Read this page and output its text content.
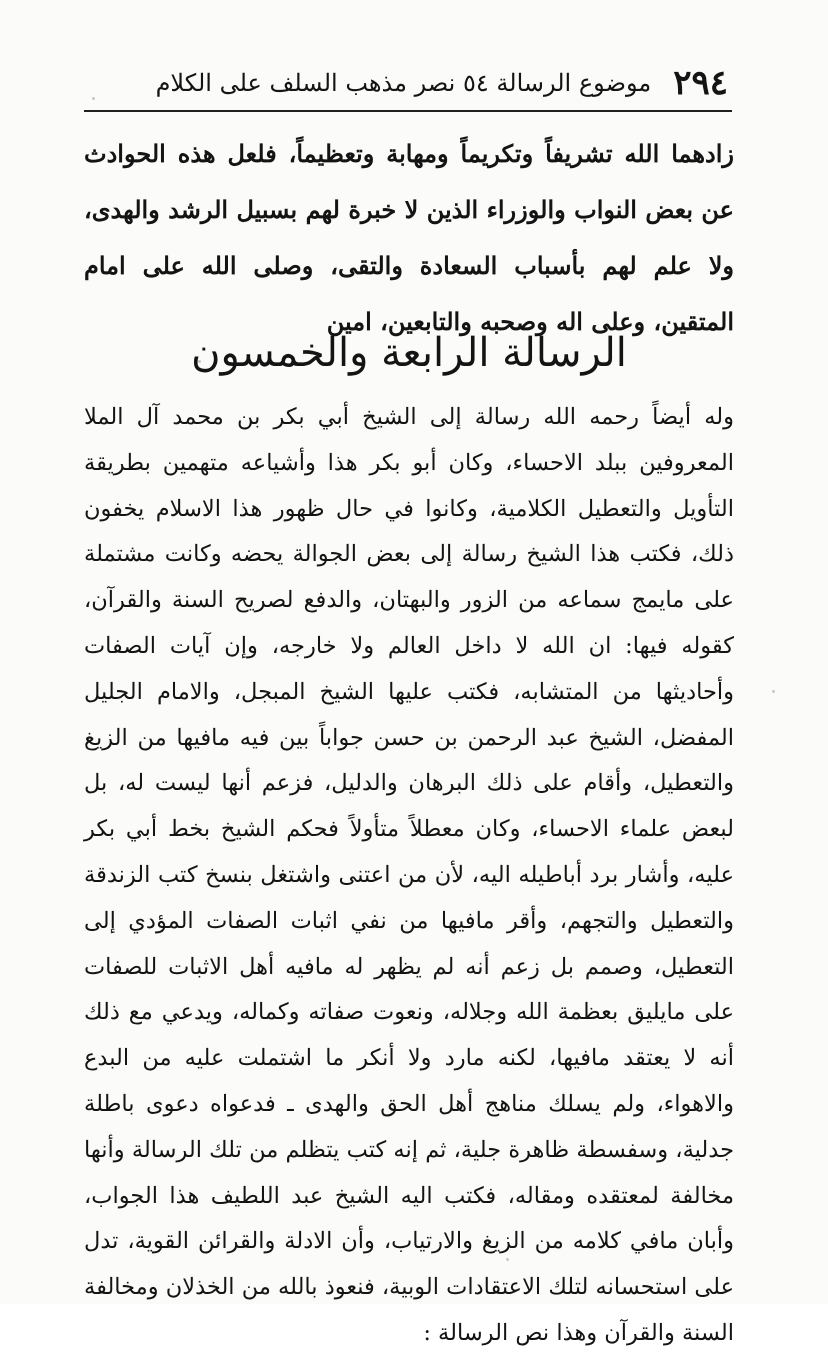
٢٩٤
موضوع الرسالة ٥٤ نصر مذهب السلف على الكلام
زادهما الله تشريفاً وتكريماً ومهابة وتعظيماً، فلعل هذه الحوادث عن بعض النواب والوزراء الذين لا خبرة لهم بسبيل الرشد والهدى، ولا علم لهم بأسباب السعادة والتقى، وصلى الله على امام المتقين، وعلى اله وصحبه والتابعين، امين
الرسالة الرابعة والخمسون
وله أيضاً رحمه الله رسالة إلى الشيخ أبي بكر بن محمد آل الملا المعروفين ببلد الاحساء، وكان أبو بكر هذا وأشياعه متهمين بطريقة التأويل والتعطيل الكلامية، وكانوا في حال ظهور هذا الاسلام يخفون ذلك، فكتب هذا الشيخ رسالة إلى بعض الجوالة يحضه وكانت مشتملة على مايمج سماعه من الزور والبهتان، والدفع لصريح السنة والقرآن، كقوله فيها: ان الله لا داخل العالم ولا خارجه، وإن آيات الصفات وأحاديثها من المتشابه، فكتب عليها الشيخ المبجل، والامام الجليل المفضل، الشيخ عبد الرحمن بن حسن جواباً بين فيه مافيها من الزيغ والتعطيل، وأقام على ذلك البرهان والدليل، فزعم أنها ليست له، بل لبعض علماء الاحساء، وكان معطلاً متأولاً فحكم الشيخ بخط أبي بكر عليه، وأشار برد أباطيله اليه، لأن من اعتنى واشتغل بنسخ كتب الزندقة والتعطيل والتجهم، وأقر مافيها من نفي اثبات الصفات المؤدي إلى التعطيل، وصمم بل زعم أنه لم يظهر له مافيه أهل الاثبات للصفات على مايليق بعظمة الله وجلاله، ونعوت صفاته وكماله، ويدعي مع ذلك أنه لا يعتقد مافيها، لكنه مارد ولا أنكر ما اشتملت عليه من البدع والاهواء، ولم يسلك مناهج أهل الحق والهدى ـ فدعواه دعوى باطلة جدلية، وسفسطة ظاهرة جلية، ثم إنه كتب يتظلم من تلك الرسالة وأنها مخالفة لمعتقده ومقاله، فكتب اليه الشيخ عبد اللطيف هذا الجواب، وأبان مافي كلامه من الزيغ والارتياب، وأن الادلة والقرائن القوية، تدل على استحسانه لتلك الاعتقادات الوبية، فنعوذ بالله من الخذلان ومخالفة السنة والقرآن وهذا نص الرسالة :
